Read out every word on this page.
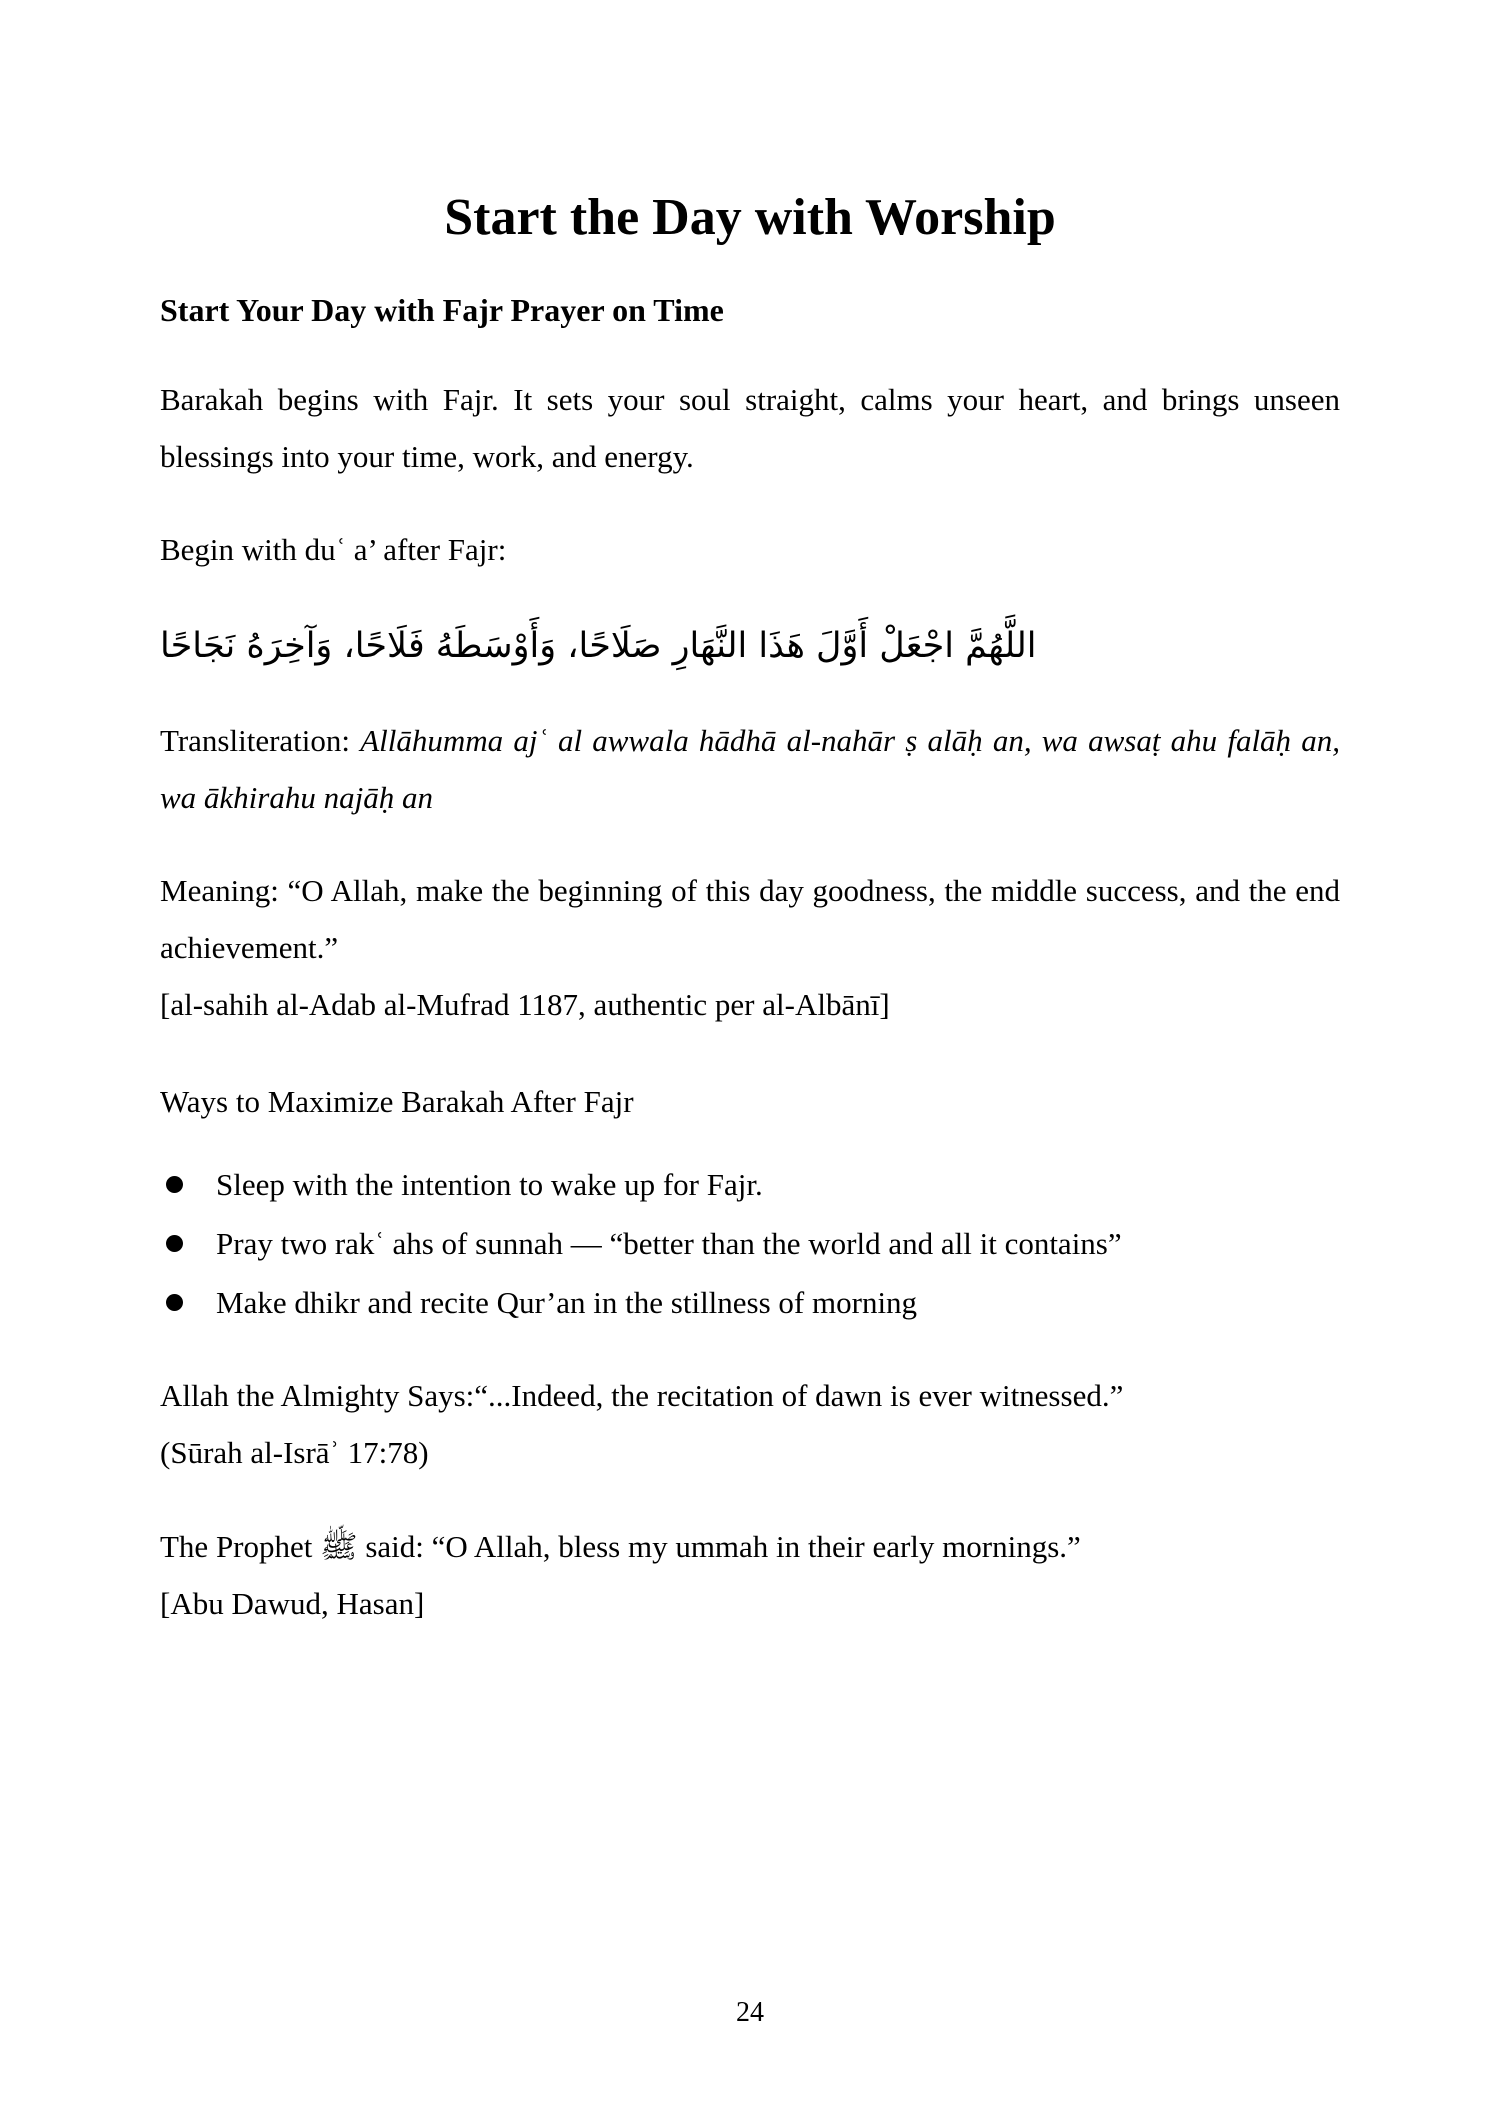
Start the Day with Worship
Start Your Day with Fajr Prayer on Time

Barakah begins with Fajr. It sets your soul straight, calms your heart, and brings unseen blessings into your time, work, and energy.

Begin with duʿ a’ after Fajr:

اللَّهُمَّ اجْعَلْ أَوَّلَ هَذَا النَّهَارِ صَلَاحًا، وَأَوْسَطَهُ فَلَاحًا، وَآخِرَهُ نَجَاحًا

Transliteration: Allāhumma ajʿ al awwala hādhā al-nahār ṣ alāḥ an, wa awsaṭ ahu falāḥ an, wa ākhirahu najāḥ an

Meaning: “O Allah, make the beginning of this day goodness, the middle success, and the end achievement.”

[al-sahih al-Adab al-Mufrad 1187, authentic per al-Albānī]

Ways to Maximize Barakah After Fajr

Sleep with the intention to wake up for Fajr.
Pray two rakʿ ahs of sunnah — “better than the world and all it contains”
Make dhikr and recite Qur’an in the stillness of morning

Allah the Almighty Says:“...Indeed, the recitation of dawn is ever witnessed.”

(Sūrah al-Isrāʾ 17:78)

The Prophet ﷺ said: “O Allah, bless my ummah in their early mornings.”

[Abu Dawud, Hasan]

24
